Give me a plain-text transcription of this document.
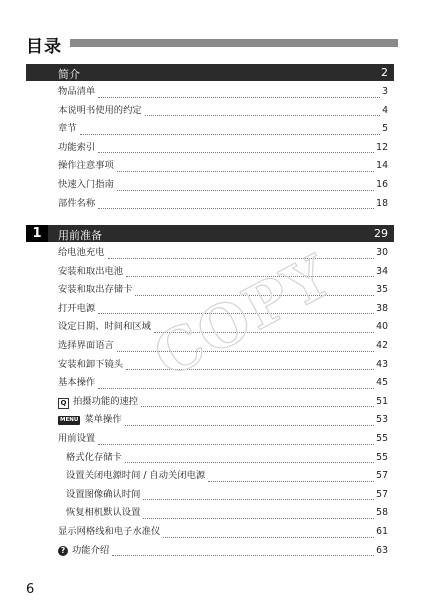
目录
简介	2
物品清单	3
本说明书使用的约定	4
章节	5
功能索引	12
操作注意事项	14
快速入门指南	16
部件名称	18
1	用前准备	29
给电池充电	30
安装和取出电池	34
安装和取出存储卡	35
打开电源	38
设定日期、时间和区域	40
选择界面语言	42
安装和卸下镜头	43
基本操作	45
Q 拍摄功能的速控	51
MENU 菜单操作	53
用前设置	55
格式化存储卡	55
设置关闭电源时间 / 自动关闭电源	57
设置图像确认时间	57
恢复相机默认设置	58
显示网格线和电子水准仪	61
? 功能介绍	63
COPY
6
